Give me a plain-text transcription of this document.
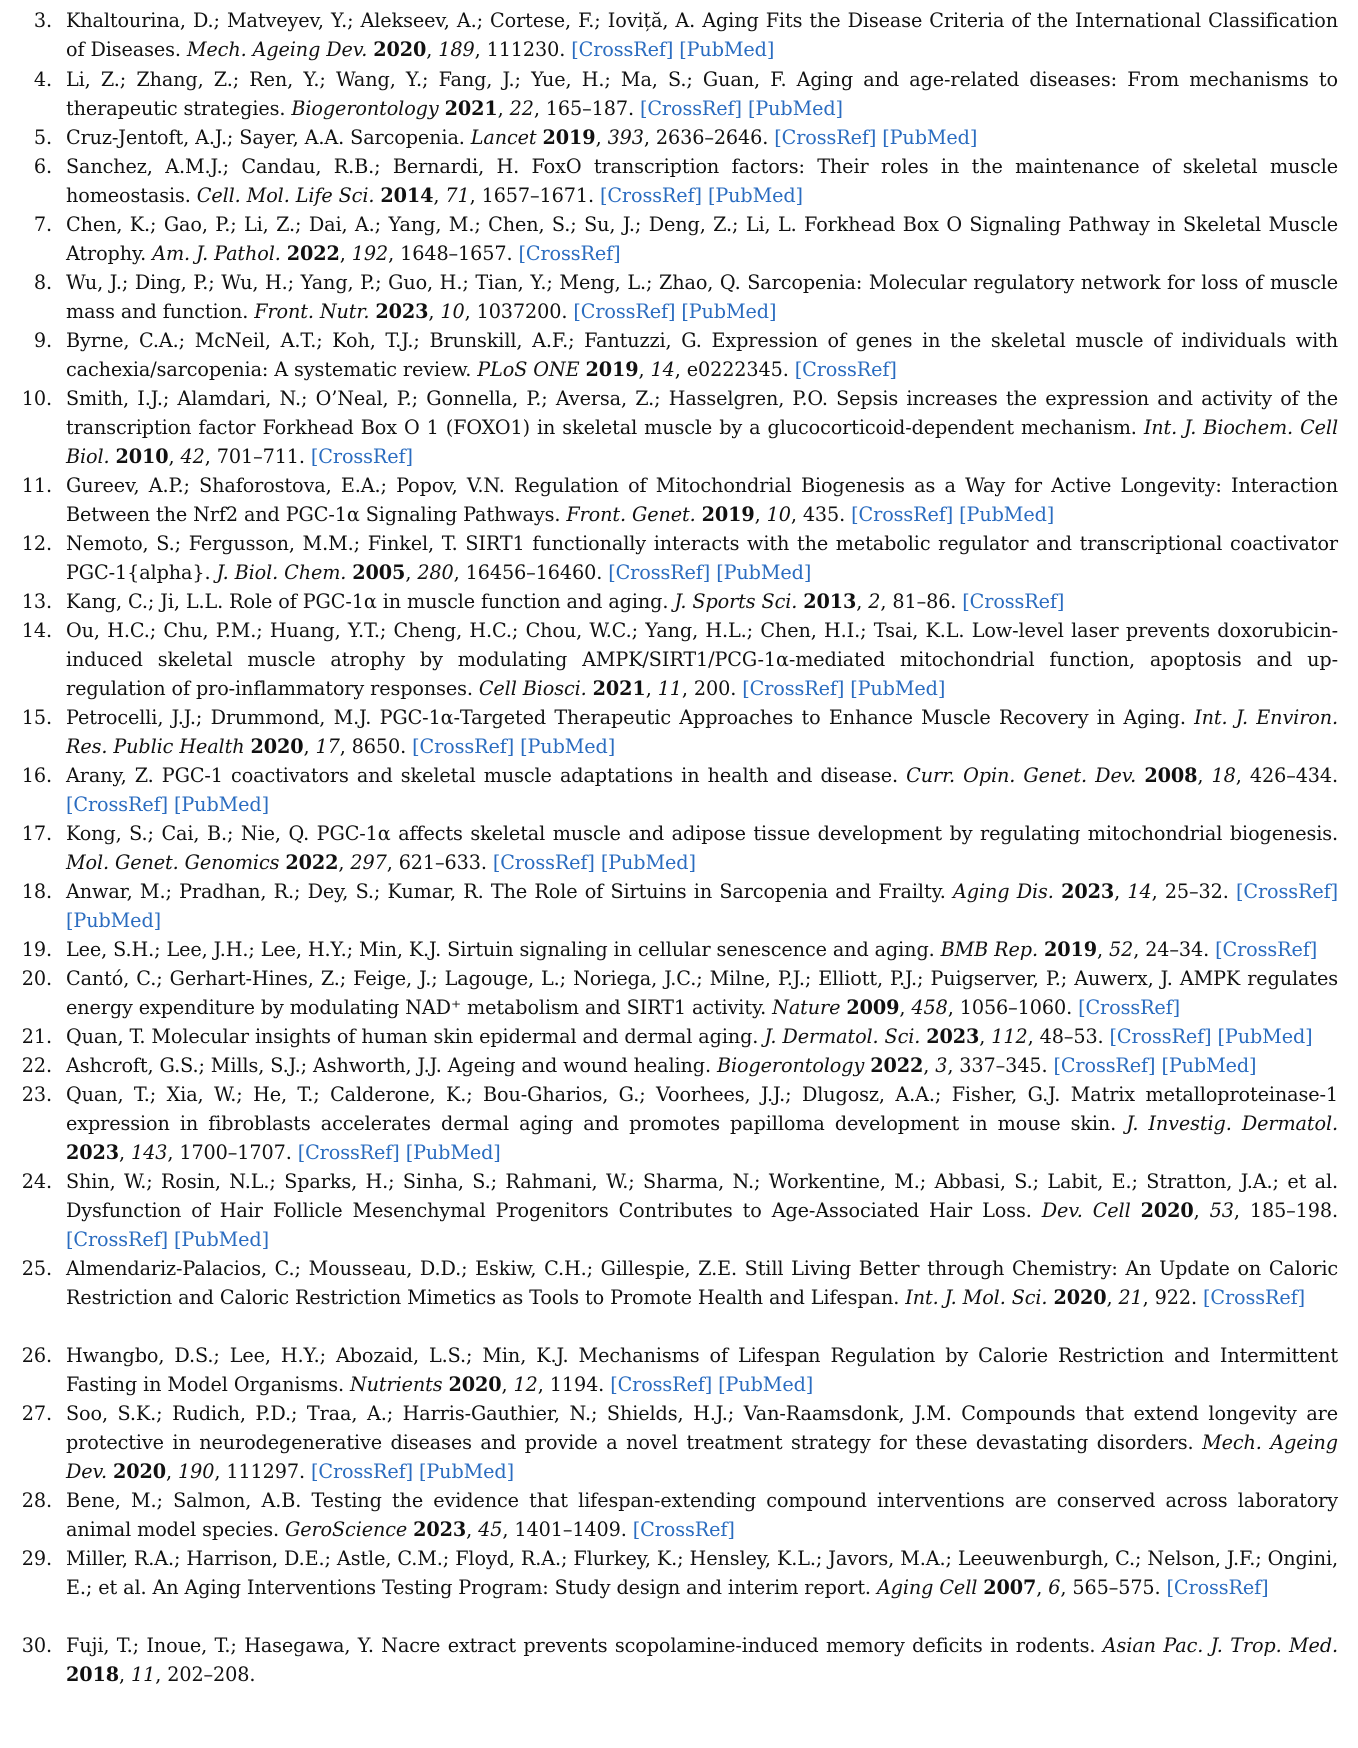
3. Khaltourina, D.; Matveyev, Y.; Alekseev, A.; Cortese, F.; Ioviță, A. Aging Fits the Disease Criteria of the International Classification of Diseases. Mech. Ageing Dev. 2020, 189, 111230. [CrossRef] [PubMed]
4. Li, Z.; Zhang, Z.; Ren, Y.; Wang, Y.; Fang, J.; Yue, H.; Ma, S.; Guan, F. Aging and age-related diseases: From mechanisms to therapeutic strategies. Biogerontology 2021, 22, 165–187. [CrossRef] [PubMed]
5. Cruz-Jentoft, A.J.; Sayer, A.A. Sarcopenia. Lancet 2019, 393, 2636–2646. [CrossRef] [PubMed]
6. Sanchez, A.M.J.; Candau, R.B.; Bernardi, H. FoxO transcription factors: Their roles in the maintenance of skeletal muscle homeostasis. Cell. Mol. Life Sci. 2014, 71, 1657–1671. [CrossRef] [PubMed]
7. Chen, K.; Gao, P.; Li, Z.; Dai, A.; Yang, M.; Chen, S.; Su, J.; Deng, Z.; Li, L. Forkhead Box O Signaling Pathway in Skeletal Muscle Atrophy. Am. J. Pathol. 2022, 192, 1648–1657. [CrossRef]
8. Wu, J.; Ding, P.; Wu, H.; Yang, P.; Guo, H.; Tian, Y.; Meng, L.; Zhao, Q. Sarcopenia: Molecular regulatory network for loss of muscle mass and function. Front. Nutr. 2023, 10, 1037200. [CrossRef] [PubMed]
9. Byrne, C.A.; McNeil, A.T.; Koh, T.J.; Brunskill, A.F.; Fantuzzi, G. Expression of genes in the skeletal muscle of individuals with cachexia/sarcopenia: A systematic review. PLoS ONE 2019, 14, e0222345. [CrossRef]
10. Smith, I.J.; Alamdari, N.; O’Neal, P.; Gonnella, P.; Aversa, Z.; Hasselgren, P.O. Sepsis increases the expression and activity of the transcription factor Forkhead Box O 1 (FOXO1) in skeletal muscle by a glucocorticoid-dependent mechanism. Int. J. Biochem. Cell Biol. 2010, 42, 701–711. [CrossRef]
11. Gureev, A.P.; Shaforostova, E.A.; Popov, V.N. Regulation of Mitochondrial Biogenesis as a Way for Active Longevity: Interaction Between the Nrf2 and PGC-1α Signaling Pathways. Front. Genet. 2019, 10, 435. [CrossRef] [PubMed]
12. Nemoto, S.; Fergusson, M.M.; Finkel, T. SIRT1 functionally interacts with the metabolic regulator and transcriptional coactivator PGC-1{alpha}. J. Biol. Chem. 2005, 280, 16456–16460. [CrossRef] [PubMed]
13. Kang, C.; Ji, L.L. Role of PGC-1α in muscle function and aging. J. Sports Sci. 2013, 2, 81–86. [CrossRef]
14. Ou, H.C.; Chu, P.M.; Huang, Y.T.; Cheng, H.C.; Chou, W.C.; Yang, H.L.; Chen, H.I.; Tsai, K.L. Low-level laser prevents doxorubicin-induced skeletal muscle atrophy by modulating AMPK/SIRT1/PCG-1α-mediated mitochondrial function, apoptosis and up-regulation of pro-inflammatory responses. Cell Biosci. 2021, 11, 200. [CrossRef] [PubMed]
15. Petrocelli, J.J.; Drummond, M.J. PGC-1α-Targeted Therapeutic Approaches to Enhance Muscle Recovery in Aging. Int. J. Environ. Res. Public Health 2020, 17, 8650. [CrossRef] [PubMed]
16. Arany, Z. PGC-1 coactivators and skeletal muscle adaptations in health and disease. Curr. Opin. Genet. Dev. 2008, 18, 426–434. [CrossRef] [PubMed]
17. Kong, S.; Cai, B.; Nie, Q. PGC-1α affects skeletal muscle and adipose tissue development by regulating mitochondrial biogenesis. Mol. Genet. Genomics 2022, 297, 621–633. [CrossRef] [PubMed]
18. Anwar, M.; Pradhan, R.; Dey, S.; Kumar, R. The Role of Sirtuins in Sarcopenia and Frailty. Aging Dis. 2023, 14, 25–32. [CrossRef] [PubMed]
19. Lee, S.H.; Lee, J.H.; Lee, H.Y.; Min, K.J. Sirtuin signaling in cellular senescence and aging. BMB Rep. 2019, 52, 24–34. [CrossRef]
20. Cantó, C.; Gerhart-Hines, Z.; Feige, J.; Lagouge, L.; Noriega, J.C.; Milne, P.J.; Elliott, P.J.; Puigserver, P.; Auwerx, J. AMPK regulates energy expenditure by modulating NAD⁺ metabolism and SIRT1 activity. Nature 2009, 458, 1056–1060. [CrossRef]
21. Quan, T. Molecular insights of human skin epidermal and dermal aging. J. Dermatol. Sci. 2023, 112, 48–53. [CrossRef] [PubMed]
22. Ashcroft, G.S.; Mills, S.J.; Ashworth, J.J. Ageing and wound healing. Biogerontology 2022, 3, 337–345. [CrossRef] [PubMed]
23. Quan, T.; Xia, W.; He, T.; Calderone, K.; Bou-Gharios, G.; Voorhees, J.J.; Dlugosz, A.A.; Fisher, G.J. Matrix metalloproteinase-1 expression in fibroblasts accelerates dermal aging and promotes papilloma development in mouse skin. J. Investig. Dermatol. 2023, 143, 1700–1707. [CrossRef] [PubMed]
24. Shin, W.; Rosin, N.L.; Sparks, H.; Sinha, S.; Rahmani, W.; Sharma, N.; Workentine, M.; Abbasi, S.; Labit, E.; Stratton, J.A.; et al. Dysfunction of Hair Follicle Mesenchymal Progenitors Contributes to Age-Associated Hair Loss. Dev. Cell 2020, 53, 185–198. [CrossRef] [PubMed]
25. Almendariz-Palacios, C.; Mousseau, D.D.; Eskiw, C.H.; Gillespie, Z.E. Still Living Better through Chemistry: An Update on Caloric Restriction and Caloric Restriction Mimetics as Tools to Promote Health and Lifespan. Int. J. Mol. Sci. 2020, 21, 922. [CrossRef]
26. Hwangbo, D.S.; Lee, H.Y.; Abozaid, L.S.; Min, K.J. Mechanisms of Lifespan Regulation by Calorie Restriction and Intermittent Fasting in Model Organisms. Nutrients 2020, 12, 1194. [CrossRef] [PubMed]
27. Soo, S.K.; Rudich, P.D.; Traa, A.; Harris-Gauthier, N.; Shields, H.J.; Van-Raamsdonk, J.M. Compounds that extend longevity are protective in neurodegenerative diseases and provide a novel treatment strategy for these devastating disorders. Mech. Ageing Dev. 2020, 190, 111297. [CrossRef] [PubMed]
28. Bene, M.; Salmon, A.B. Testing the evidence that lifespan-extending compound interventions are conserved across laboratory animal model species. GeroScience 2023, 45, 1401–1409. [CrossRef]
29. Miller, R.A.; Harrison, D.E.; Astle, C.M.; Floyd, R.A.; Flurkey, K.; Hensley, K.L.; Javors, M.A.; Leeuwenburgh, C.; Nelson, J.F.; Ongini, E.; et al. An Aging Interventions Testing Program: Study design and interim report. Aging Cell 2007, 6, 565–575. [CrossRef]
30. Fuji, T.; Inoue, T.; Hasegawa, Y. Nacre extract prevents scopolamine-induced memory deficits in rodents. Asian Pac. J. Trop. Med. 2018, 11, 202–208.
